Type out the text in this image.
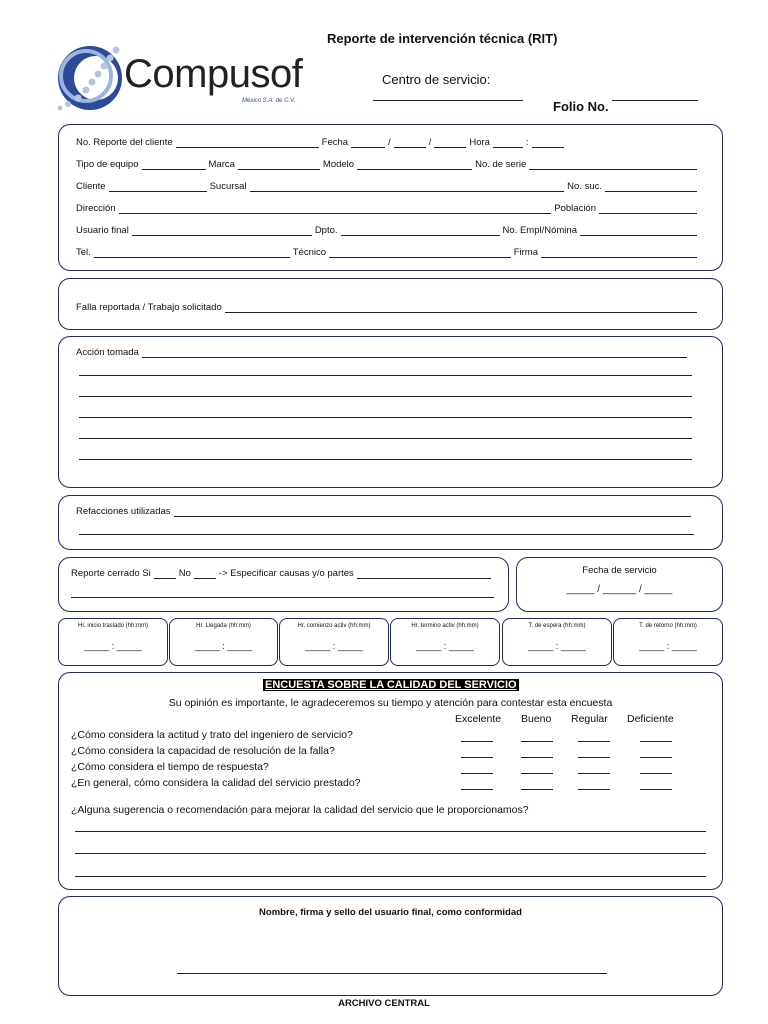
Compusof
México S.A. de C.V.
Reporte de intervención técnica (RIT)
Centro de servicio:
Folio No.
No. Reporte del cliente	Fecha	/	/	Hora	:
Tipo de equipo	Marca	Modelo	No. de serie
Cliente	Sucursal	No. suc.
Dirección	Población
Usuario final	Dpto.	No. Empl/Nómina
Tel.	Técnico	Firma
Falla reportada / Trabajo solicitado
Acción tomada
Refacciones utilizadas
Reporte cerrado Si	No	-> Especificar causas y/o partes	Fecha de servicio
_____ / ______ / _____
Hr. inicio traslado (hh:mm)
_____ : _____
Hr. Llegada (hh:mm)
_____ : _____
Hr. comienzo activ (hh:mm)
_____ : _____
Hr. termino activ (hh:mm)
_____ : _____
T. de espera (hh:mm)
_____ : _____
T. de retorno (hh:mm)
_____ : _____
ENCUESTA SOBRE LA CALIDAD DEL SERVICIO
Su opinión es importante, le agradeceremos su tiempo y atención para contestar esta encuesta
Excelente Bueno Regular Deficiente
¿Cómo considera la actitud y trato del ingeniero de servicio?
¿Cómo considera la capacidad de resolución de la falla?
¿Cómo considera el tiempo de respuesta?
¿En general, cómo considera la calidad del servicio prestado?
¿Alguna sugerencia o recomendación para mejorar la calidad del servicio que le proporcionamos?
Nombre, firma y sello del usuario final, como conformidad
ARCHIVO CENTRAL
